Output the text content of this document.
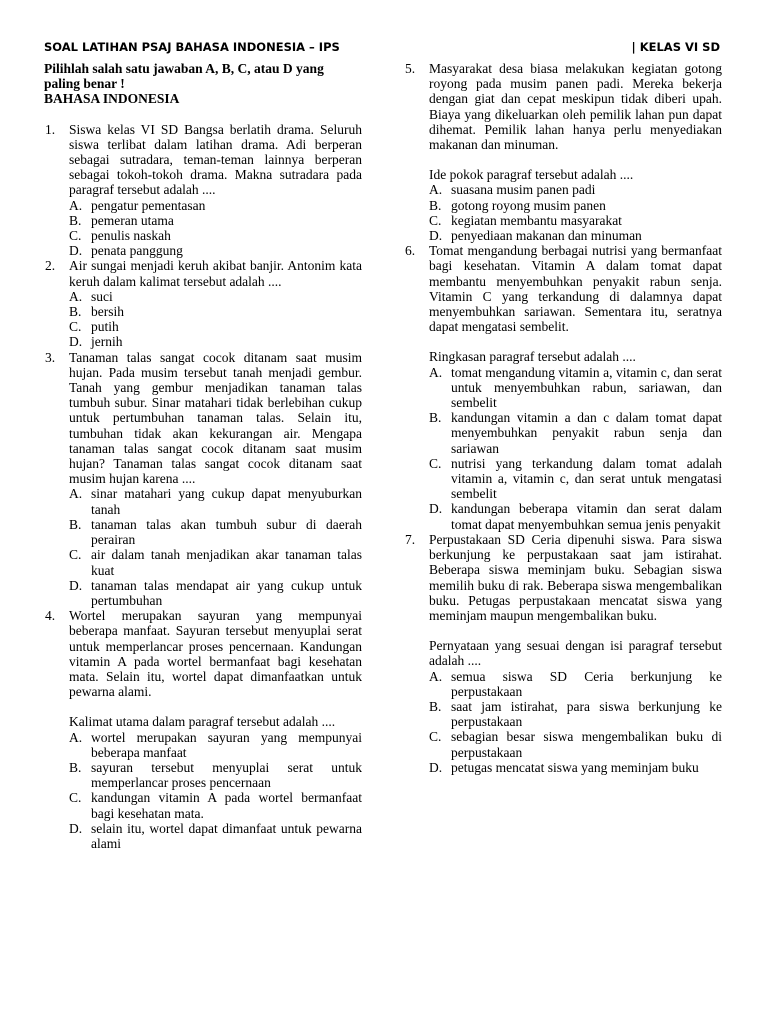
SOAL LATIHAN PSAJ BAHASA INDONESIA – IPS	| KELAS VI SD

Pilihlah salah satu jawaban A, B, C, atau D yang paling benar !

BAHASA INDONESIA

1. Siswa kelas VI SD Bangsa berlatih drama. Seluruh siswa terlibat dalam latihan drama. Adi berperan sebagai sutradara, teman-teman lainnya berperan sebagai tokoh-tokoh drama. Makna sutradara pada paragraf tersebut adalah ....

A. pengatur pementasan
B. pemeran utama
C. penulis naskah
D. penata panggung
2. Air sungai menjadi keruh akibat banjir. Antonim kata keruh dalam kalimat tersebut adalah ....

A. suci
B. bersih
C. putih
D. jernih
3. Tanaman talas sangat cocok ditanam saat musim hujan. Pada musim tersebut tanah menjadi gembur. Tanah yang gembur menjadikan tanaman talas tumbuh subur. Sinar matahari tidak berlebihan cukup untuk pertumbuhan tanaman talas. Selain itu, tumbuhan tidak akan kekurangan air. Mengapa tanaman talas sangat cocok ditanam saat musim hujan? Tanaman talas sangat cocok ditanam saat musim hujan karena ....

A. sinar matahari yang cukup dapat menyuburkan tanah
B. tanaman talas akan tumbuh subur di daerah perairan
C. air dalam tanah menjadikan akar tanaman talas kuat
D. tanaman talas mendapat air yang cukup untuk pertumbuhan
4. Wortel merupakan sayuran yang mempunyai beberapa manfaat. Sayuran tersebut menyuplai serat untuk memperlancar proses pencernaan. Kandungan vitamin A pada wortel bermanfaat bagi kesehatan mata. Selain itu, wortel dapat dimanfaatkan untuk pewarna alami.

Kalimat utama dalam paragraf tersebut adalah ....

A. wortel merupakan sayuran yang mempunyai beberapa manfaat
B. sayuran tersebut menyuplai serat untuk memperlancar proses pencernaan
C. kandungan vitamin A pada wortel bermanfaat bagi kesehatan mata.
D. selain itu, wortel dapat dimanfaat untuk pewarna alami
5. Masyarakat desa biasa melakukan kegiatan gotong royong pada musim panen padi. Mereka bekerja dengan giat dan cepat meskipun tidak diberi upah. Biaya yang dikeluarkan oleh pemilik lahan pun dapat dihemat. Pemilik lahan hanya perlu menyediakan makanan dan minuman.

Ide pokok paragraf tersebut adalah ....

A. suasana musim panen padi
B. gotong royong musim panen
C. kegiatan membantu masyarakat
D. penyediaan makanan dan minuman
6. Tomat mengandung berbagai nutrisi yang bermanfaat bagi kesehatan. Vitamin A dalam tomat dapat membantu menyembuhkan penyakit rabun senja. Vitamin C yang terkandung di dalamnya dapat menyembuhkan sariawan. Sementara itu, seratnya dapat mengatasi sembelit.

Ringkasan paragraf tersebut adalah ....

A. tomat mengandung vitamin a, vitamin c, dan serat untuk menyembuhkan rabun, sariawan, dan sembelit
B. kandungan vitamin a dan c dalam tomat dapat menyembuhkan penyakit rabun senja dan sariawan
C. nutrisi yang terkandung dalam tomat adalah vitamin a, vitamin c, dan serat untuk mengatasi sembelit
D. kandungan beberapa vitamin dan serat dalam tomat dapat menyembuhkan semua jenis penyakit
7. Perpustakaan SD Ceria dipenuhi siswa. Para siswa berkunjung ke perpustakaan saat jam istirahat. Beberapa siswa meminjam buku. Sebagian siswa memilih buku di rak. Beberapa siswa mengembalikan buku. Petugas perpustakaan mencatat siswa yang meminjam maupun mengembalikan buku.

Pernyataan yang sesuai dengan isi paragraf tersebut adalah ....

A. semua siswa SD Ceria berkunjung ke perpustakaan
B. saat jam istirahat, para siswa berkunjung ke perpustakaan
C. sebagian besar siswa mengembalikan buku di perpustakaan
D. petugas mencatat siswa yang meminjam buku
